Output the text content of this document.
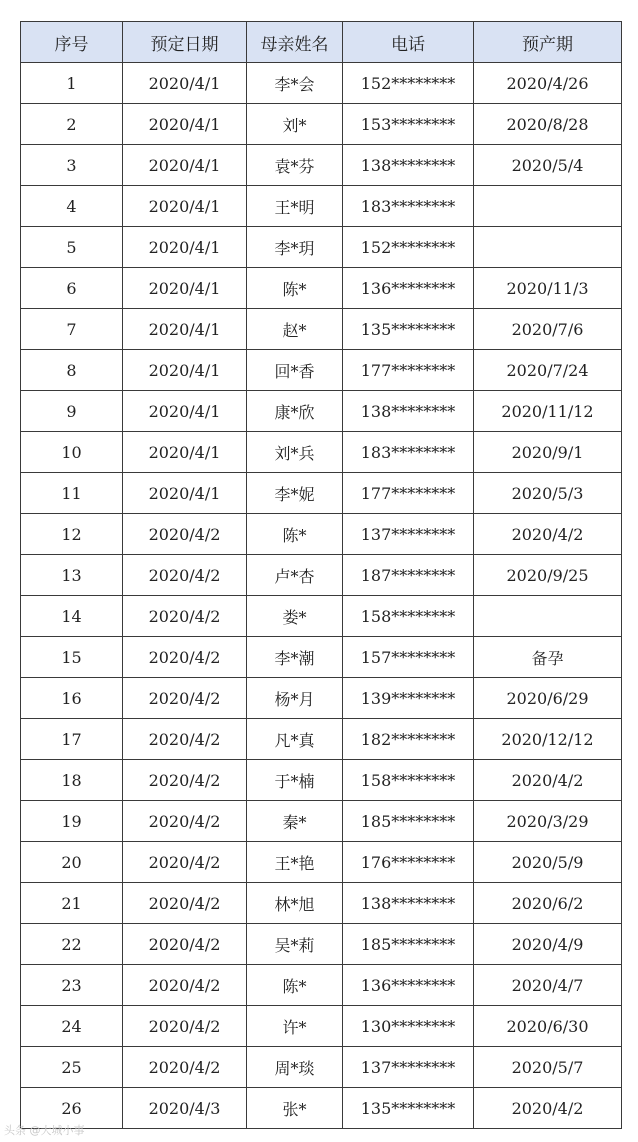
序号	预定日期	母亲姓名	电话	预产期
1	2020/4/1	李*会	152********	2020/4/26
2	2020/4/1	刘*	153********	2020/8/28
3	2020/4/1	袁*芬	138********	2020/5/4
4	2020/4/1	王*明	183********	
5	2020/4/1	李*玥	152********	
6	2020/4/1	陈*	136********	2020/11/3
7	2020/4/1	赵*	135********	2020/7/6
8	2020/4/1	回*香	177********	2020/7/24
9	2020/4/1	康*欣	138********	2020/11/12
10	2020/4/1	刘*兵	183********	2020/9/1
11	2020/4/1	李*妮	177********	2020/5/3
12	2020/4/2	陈*	137********	2020/4/2
13	2020/4/2	卢*杏	187********	2020/9/25
14	2020/4/2	娄*	158********	
15	2020/4/2	李*潮	157********	备孕
16	2020/4/2	杨*月	139********	2020/6/29
17	2020/4/2	凡*真	182********	2020/12/12
18	2020/4/2	于*楠	158********	2020/4/2
19	2020/4/2	秦*	185********	2020/3/29
20	2020/4/2	王*艳	176********	2020/5/9
21	2020/4/2	林*旭	138********	2020/6/2
22	2020/4/2	吴*莉	185********	2020/4/9
23	2020/4/2	陈*	136********	2020/4/7
24	2020/4/2	许*	130********	2020/6/30
25	2020/4/2	周*琰	137********	2020/5/7
26	2020/4/3	张*	135********	2020/4/2
头条 @大城小事
